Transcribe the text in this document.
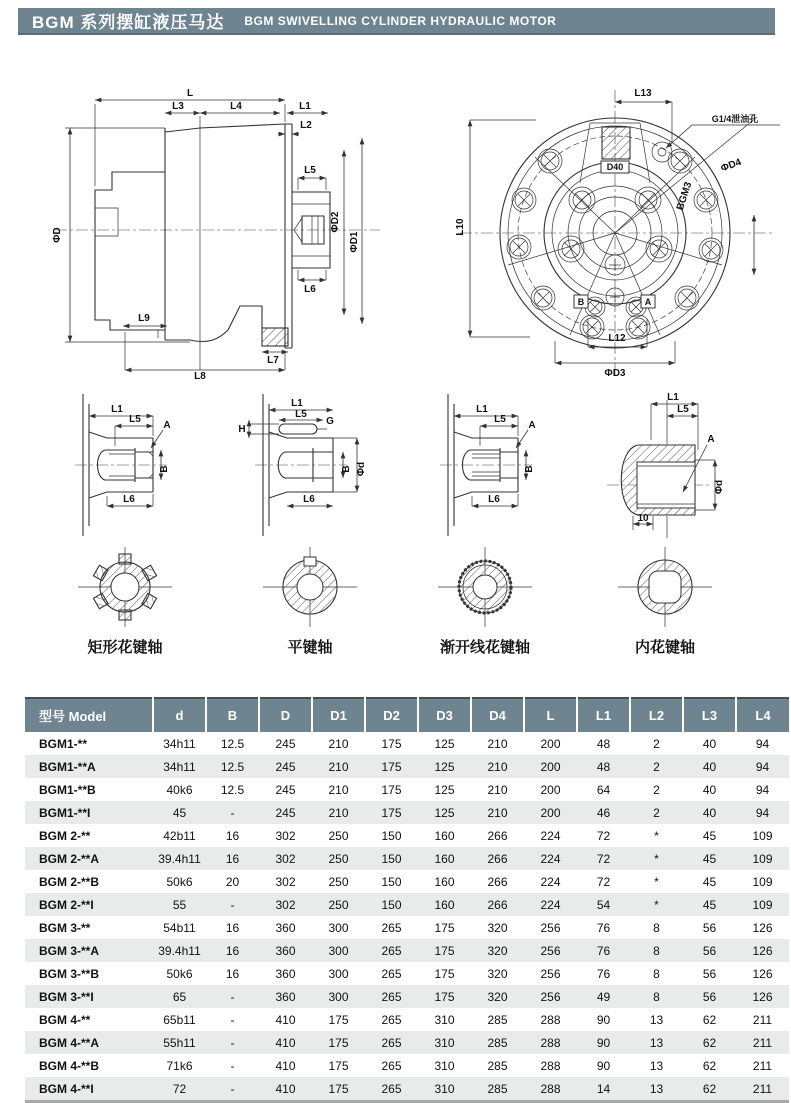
BGM 系列摆缸液压马达 BGM SWIVELLING CYLINDER HYDRAULIC MOTOR
L
L3	L4	L1
L2
L5
L6
L9
L7
L8
ΦD
ΦD2
ΦD1
D40
B	A
BGM3
ΦD4
G1/4泄油孔
L13
L10
L12
ΦD3
L1
L5
A
B
L6
L1
L5
H
G
B Φd
L6
L1
L5
A
B
L6
L1
L5
A
Φd
10
矩形花键轴	平键轴	渐开线花键轴	内花键轴
型号 Model	d	B	D	D1	D2	D3	D4	L	L1	L2	L3	L4
BGM1-**	34h11	12.5	245	210	175	125	210	200	48	2	40	94
BGM1-**A	34h11	12.5	245	210	175	125	210	200	48	2	40	94
BGM1-**B	40k6	12.5	245	210	175	125	210	200	64	2	40	94
BGM1-**I	45	-	245	210	175	125	210	200	46	2	40	94
BGM 2-**	42b11	16	302	250	150	160	266	224	72	*	45	109
BGM 2-**A	39.4h11	16	302	250	150	160	266	224	72	*	45	109
BGM 2-**B	50k6	20	302	250	150	160	266	224	72	*	45	109
BGM 2-**I	55	-	302	250	150	160	266	224	54	*	45	109
BGM 3-**	54b11	16	360	300	265	175	320	256	76	8	56	126
BGM 3-**A	39.4h11	16	360	300	265	175	320	256	76	8	56	126
BGM 3-**B	50k6	16	360	300	265	175	320	256	76	8	56	126
BGM 3-**I	65	-	360	300	265	175	320	256	49	8	56	126
BGM 4-**	65b11	-	410	175	265	310	285	288	90	13	62	211
BGM 4-**A	55h11	-	410	175	265	310	285	288	90	13	62	211
BGM 4-**B	71k6	-	410	175	265	310	285	288	90	13	62	211
BGM 4-**I	72	-	410	175	265	310	285	288	14	13	62	211
